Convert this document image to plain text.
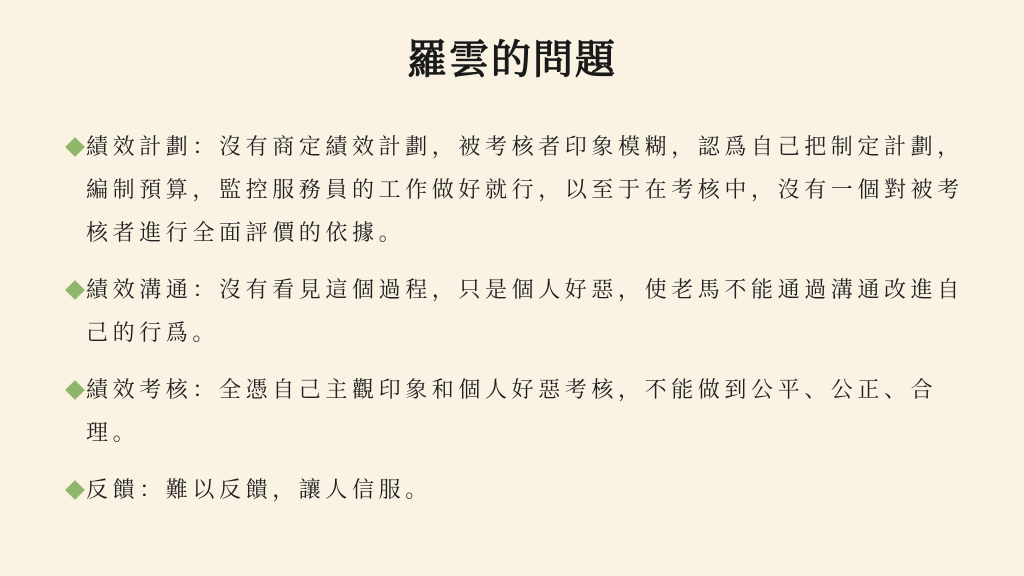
羅雲的問題
績效計劃：沒有商定績效計劃，被考核者印象模糊，認爲自己把制定計劃，編制預算，監控服務員的工作做好就行，以至于在考核中，沒有一個對被考核者進行全面評價的依據。
績效溝通：沒有看見這個過程，只是個人好惡，使老馬不能通過溝通改進自己的行爲。
績效考核：全憑自己主觀印象和個人好惡考核，不能做到公平、公正、合理。
反饋：難以反饋，讓人信服。
